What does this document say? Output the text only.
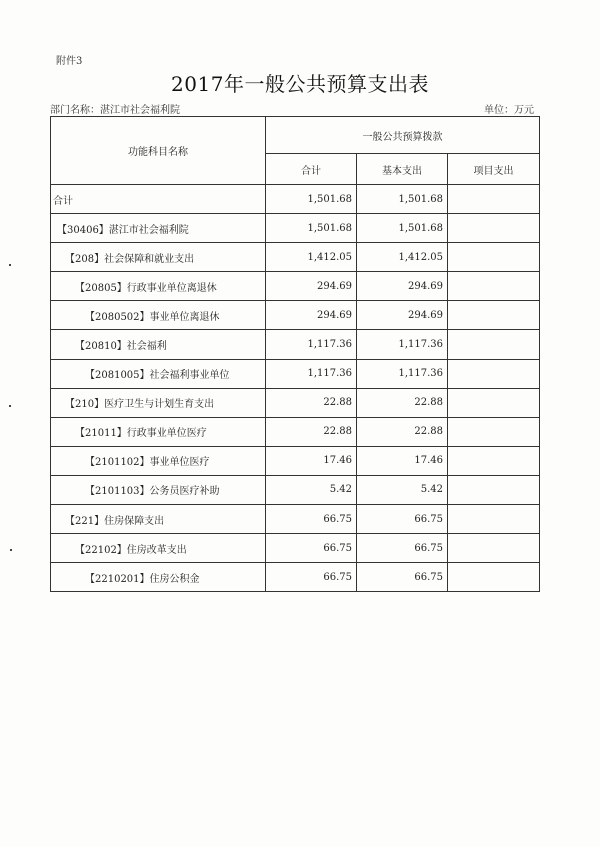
附件3
2017年一般公共预算支出表
部门名称：湛江市社会福利院	单位：万元
功能科目名称	一般公共预算拨款		
	合计	基本支出	项目支出
合计	1,501.68	1,501.68	
【30406】湛江市社会福利院	1,501.68	1,501.68	
【208】社会保障和就业支出	1,412.05	1,412.05	
【20805】行政事业单位离退休	294.69	294.69	
【2080502】事业单位离退休	294.69	294.69	
【20810】社会福利	1,117.36	1,117.36	
【2081005】社会福利事业单位	1,117.36	1,117.36	
【210】医疗卫生与计划生育支出	22.88	22.88	
【21011】行政事业单位医疗	22.88	22.88	
【2101102】事业单位医疗	17.46	17.46	
【2101103】公务员医疗补助	5.42	5.42	
【221】住房保障支出	66.75	66.75	
【22102】住房改革支出	66.75	66.75	
【2210201】住房公积金	66.75	66.75	
